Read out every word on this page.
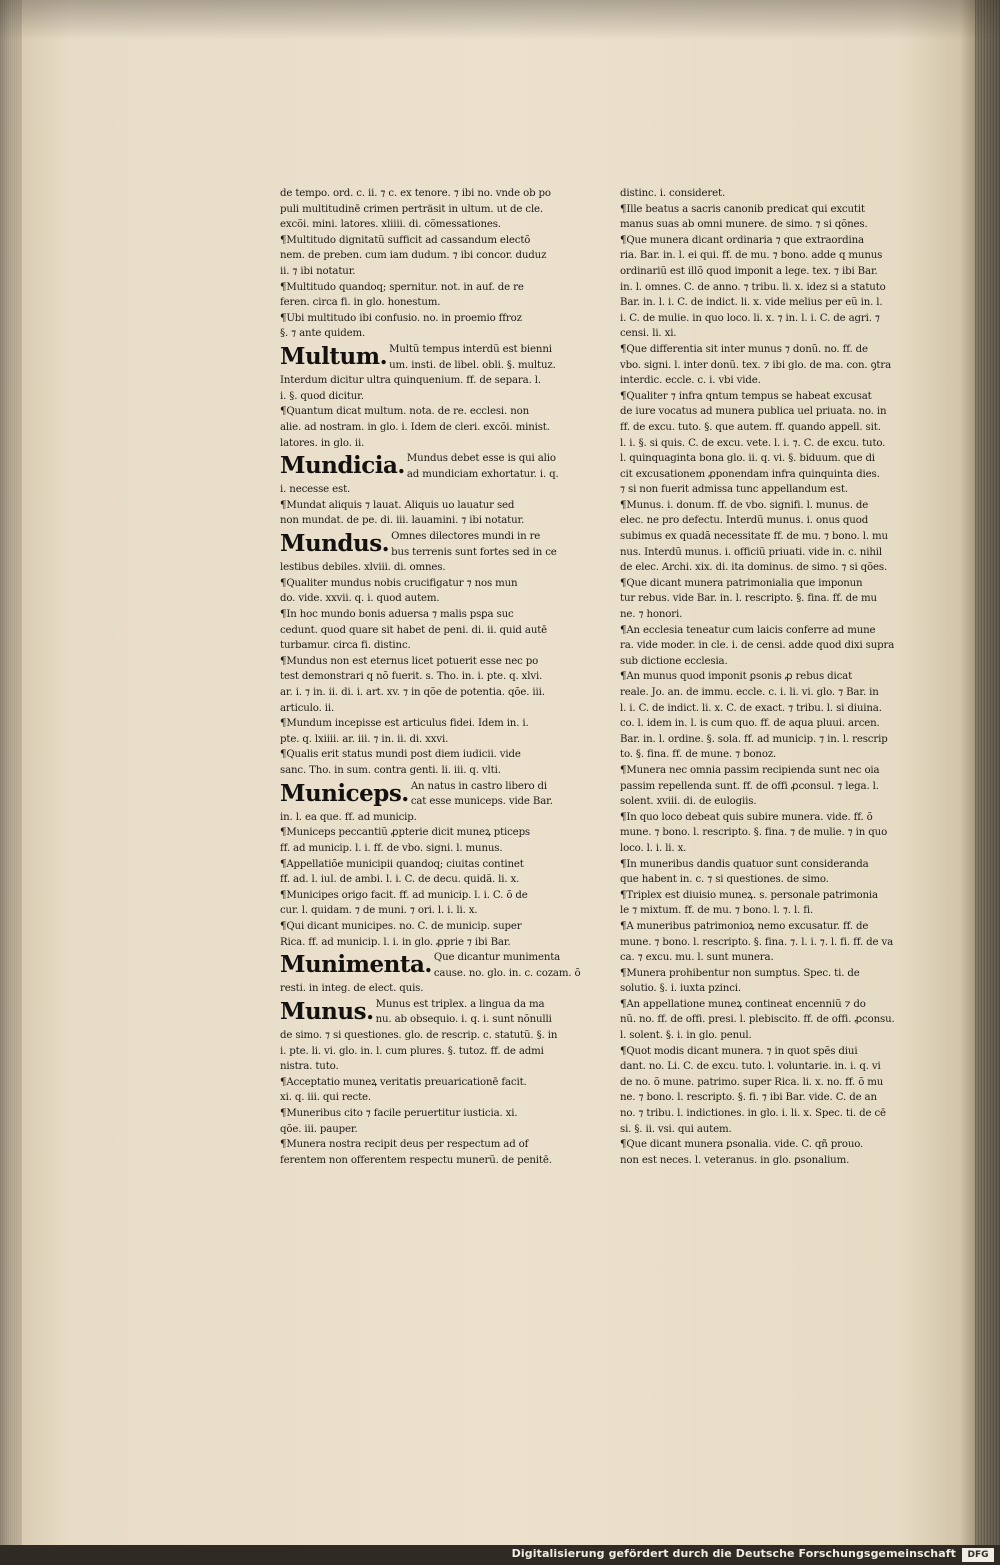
de tempo. ord. c. ii. ⁊ c. ex tenore. ⁊ ibi no. vnde ob po
puli multitudinē crimen perträsit in ultum. ut de cle.
excõi. mini. latores. xliiii. di. cõmessationes.
¶Multitudo dignitatũ sufficit ad cassandum electõ
nem. de preben. cum iam dudum. ⁊ ibi concor. duduz
ii. ⁊ ibi notatur.
¶Multitudo quandoq; spernitur. not. in auf. de re
feren. circa fi. in glo. honestum.
¶Ubi multitudo ibi confusio. no. in proemio ffroz
§. ⁊ ante quidem.
Multum. Multũ tempus interdũ est bienni
um. insti. de libel. obli. §. multuz.
Interdum dicitur ultra quinquenium. ff. de separa. l.
i. §. quod dicitur.
¶Quantum dicat multum. nota. de re. ecclesi. non
alie. ad nostram. in glo. i. Idem de cleri. excõi. minist.
latores. in glo. ii.
Mundicia. Mundus debet esse is qui alio
ad mundiciam exhortatur. i. q.
i. necesse est.
¶Mundat aliquis ⁊ lauat. Aliquis uo lauatur sed
non mundat. de pe. di. iii. lauamini. ⁊ ibi notatur.
Mundus. Omnes dilectores mundi in re
bus terrenis sunt fortes sed in ce
lestibus debiles. xlviii. di. omnes.
¶Qualiter mundus nobis crucifigatur ⁊ nos mun
do. vide. xxvii. q. i. quod autem.
¶In hoc mundo bonis aduersa ⁊ malis psꝑa suc
cedunt. quod quare sit habet de peni. di. ii. quid autē
turbamur. circa fi. distinc.
¶Mundus non est eternus licet potuerit esse nec po
test demonstrari q nõ fuerit. s. Tho. in. i. pte. q. xlvi.
ar. i. ⁊ in. ii. di. i. art. xv. ⁊ in qõe de potentia. qõe. iii.
articulo. ii.
¶Mundum incepisse est articulus fidei. Idem in. i.
pte. q. lxiiii. ar. iii. ⁊ in. ii. di. xxvi.
¶Qualis erit status mundi post diem iudicii. vide
sanc. Tho. in sum. contra genti. li. iii. q. vlti.
Municeps. An natus in castro libero di
cat esse municeps. vide Bar.
in. l. ea que. ff. ad municip.
¶Municeps peccantiũ ꝓpterie dicit muneꝝ pticeps
ff. ad municip. l. i. ff. de vbo. signi. l. munus.
¶Appellatiõe municipii quandoq; ciuitas continet
ff. ad. l. iul. de ambi. l. i. C. de decu. quidã. li. x.
¶Municipes origo facit. ff. ad municip. l. i. C. õ de
cur. l. quidam. ⁊ de muni. ⁊ ori. l. i. li. x.
¶Qui dicant municipes. no. C. de municip. super
Rica. ff. ad municip. l. i. in glo. ꝓprie ⁊ ibi Bar.
Munimenta. Que dicantur munimenta
cause. no. glo. in. c. cozam. õ
resti. in integ. de elect. quis.
Munus. Munus est triplex. a lingua da ma
nu. ab obsequio. i. q. i. sunt nõnulli
de simo. ⁊ si questiones. glo. de rescrip. c. statutũ. §. in
i. pte. li. vi. glo. in. l. cum plures. §. tutoz. ff. de admi
nistra. tuto.
¶Acceptatio muneꝝ veritatis preuaricationē facit.
xi. q. iii. qui recte.
¶Muneribus cito ⁊ facile peruertitur iusticia. xi.
qõe. iii. pauper.
¶Munera nostra recipit deus per respectum ad of
ferentem non offerentem respectu munerũ. de penitē.
distinc. i. consideret.
¶Ille beatus a sacris canonib predicat qui excutit
manus suas ab omni munere. de simo. ⁊ si qõnes.
¶Que munera dicant ordinaria ⁊ que extraordina
ria. Bar. in. l. ei qui. ff. de mu. ⁊ bono. adde q munus
ordinariũ est illõ quod imponit a lege. tex. ⁊ ibi Bar.
in. l. omnes. C. de anno. ⁊ tribu. li. x. idez si a statuto
Bar. in. l. i. C. de indict. li. x. vide melius per eũ in. l.
i. C. de mulie. in quo loco. li. x. ⁊ in. l. i. C. de agri. ⁊
censi. li. xi.
¶Que differentia sit inter munus ⁊ donũ. no. ff. de
vbo. signi. l. inter donũ. tex. ⁊ ibi glo. de ma. con. ꝯtra
interdic. eccle. c. i. vbi vide.
¶Qualiter ⁊ infra qntum tempus se habeat excusat
de iure vocatus ad munera publica uel priuata. no. in
ff. de excu. tuto. §. que autem. ff. quando appell. sit.
l. i. §. si quis. C. de excu. vete. l. i. ⁊. C. de excu. tuto.
l. quinquaginta bona glo. ii. q. vi. §. biduum. que di
cit excusationem ꝓponendam infra quinquinta dies.
⁊ si non fuerit admissa tunc appellandum est.
¶Munus. i. donum. ff. de vbo. signifi. l. munus. de
elec. ne pro defectu. Interdũ munus. i. onus quod
subimus ex quadã necessitate ff. de mu. ⁊ bono. l. mu
nus. Interdũ munus. i. officiũ priuati. vide in. c. nihil
de elec. Archi. xix. di. ita dominus. de simo. ⁊ si qões.
¶Que dicant munera patrimonialia que imponun
tur rebus. vide Bar. in. l. rescripto. §. fina. ff. de mu
ne. ⁊ honori.
¶An ecclesia teneatur cum laicis conferre ad mune
ra. vide moder. in cle. i. de censi. adde quod dixi supra
sub dictione ecclesia.
¶An munus quod imponit ꝑsonis ꝓ rebus dicat
reale. Jo. an. de immu. eccle. c. i. li. vi. glo. ⁊ Bar. in
l. i. C. de indict. li. x. C. de exact. ⁊ tribu. l. si diuina.
co. l. idem in. l. is cum quo. ff. de aqua pluui. arcen.
Bar. in. l. ordine. §. sola. ff. ad municip. ⁊ in. l. rescrip
to. §. fina. ff. de mune. ⁊ bonoz.
¶Munera nec omnia passim recipienda sunt nec oia
passim repellenda sunt. ff. de offi ꝓconsul. ⁊ lega. l.
solent. xviii. di. de eulogiis.
¶In quo loco debeat quis subire munera. vide. ff. õ
mune. ⁊ bono. l. rescripto. §. fina. ⁊ de mulie. ⁊ in quo
loco. l. i. li. x.
¶In muneribus dandis quatuor sunt consideranda
que habent in. c. ⁊ si questiones. de simo.
¶Triplex est diuisio muneꝝ. s. personale patrimonia
le ⁊ mixtum. ff. de mu. ⁊ bono. l. ⁊. l. fi.
¶A muneribus patrimonioꝝ nemo excusatur. ff. de
mune. ⁊ bono. l. rescripto. §. fina. ⁊. l. i. ⁊. l. fi. ff. de va
ca. ⁊ excu. mu. l. sunt munera.
¶Munera prohibentur non sumptus. Spec. ti. de
solutio. §. i. iuxta pzinci.
¶An appellatione muneꝝ contineat encenniũ ⁊ do
nũ. no. ff. de offi. presi. l. plebiscito. ff. de offi. ꝓconsu.
l. solent. §. i. in glo. penul.
¶Quot modis dicant munera. ⁊ in quot spẽs diui
dant. no. Li. C. de excu. tuto. l. voluntarie. in. i. q. vi
de no. õ mune. patrimo. super Rica. li. x. no. ff. õ mu
ne. ⁊ bono. l. rescripto. §. fi. ⁊ ibi Bar. vide. C. de an
no. ⁊ tribu. l. indictiones. in glo. i. li. x. Spec. ti. de cē
si. §. ii. vsi. qui autem.
¶Que dicant munera ꝑsonalia. vide. C. qñ prouo.
non est neces. l. veteranus. in glo. ꝑsonalium.
Digitalisierung gefördert durch die Deutsche Forschungsgemeinschaft	DFG
